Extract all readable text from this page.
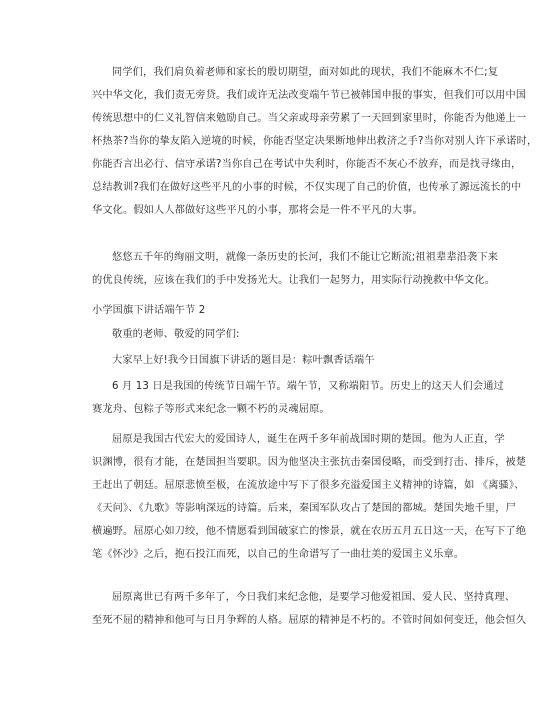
同学们，我们肩负着老师和家长的殷切期望，面对如此的现状，我们不能麻木不仁;复
兴中华文化，我们责无旁贷。我们或许无法改变端午节已被韩国申报的事实，但我们可以用中国
传统思想中的仁义礼智信来勉励自己。当父亲或母亲劳累了一天回到家里时，你能否为他递上一
杯热茶?当你的挚友陷入逆境的时候，你能否坚定决果断地伸出救济之手?当你对别人许下承诺时，
你能否言出必行、信守承诺?当你自己在考试中失利时，你能否不灰心不放弃，而是找寻缘由，
总结教训?我们在做好这些平凡的小事的时候，不仅实现了自己的价值，也传承了源远流长的中
华文化。假如人人都做好这些平凡的小事，那将会是一件不平凡的大事。
悠悠五千年的绚丽文明，就像一条历史的长河，我们不能让它断流;祖祖辈辈沿袭下来
的优良传统，应该在我们的手中发扬光大。让我们一起努力，用实际行动挽救中华文化。
小学国旗下讲话端午节 2
敬重的老师、敬爱的同学们:
大家早上好!我今日国旗下讲话的题目是：粽叶飘香话端午
6 月 13 日是我国的传统节日端午节。端午节，又称端阳节。历史上的这天人们会通过
赛龙舟、包粽子等形式来纪念一颗不朽的灵魂屈原。
屈原是我国古代宏大的爱国诗人，诞生在两千多年前战国时期的楚国。他为人正直，学
识渊博，很有才能，在楚国担当要职。因为他坚决主张抗击秦国侵略，而受到打击、排斥，被楚
王赶出了朝廷。屈原悲愤至极，在流放途中写下了很多充溢爱国主义精神的诗篇，如 《离骚》、
《天问》、《九歌》等影响深远的诗篇。后来，秦国军队攻占了楚国的都城。楚国失地千里，尸
横遍野。屈原心如刀绞，他不情愿看到国破家亡的惨景，就在农历五月五日这一天，在写下了绝
笔《怀沙》之后，抱石投江而死，以自己的生命谱写了一曲壮美的爱国主义乐章。
屈原离世已有两千多年了，今日我们来纪念他，是要学习他爱祖国、爱人民、坚持真理、
至死不屈的精神和他可与日月争辉的人格。屈原的精神是不朽的。不管时间如何变迁，他会恒久
